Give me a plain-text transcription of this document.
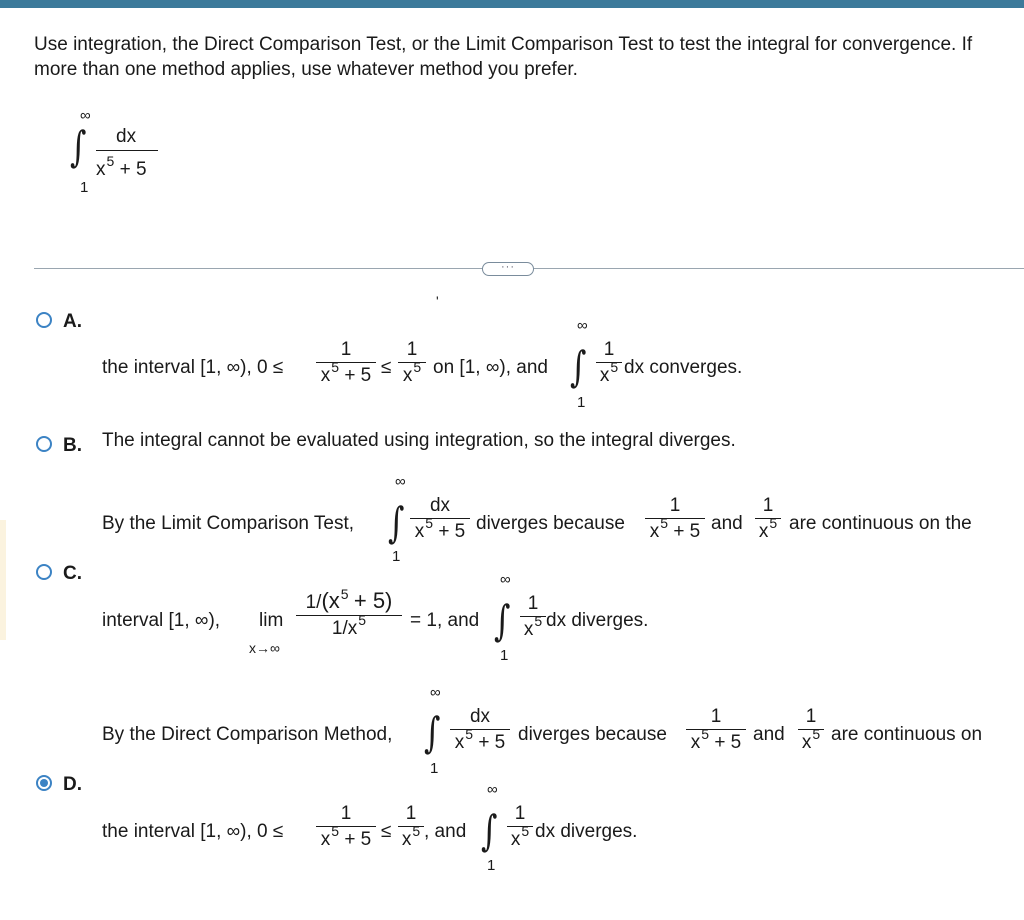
Use integration, the Direct Comparison Test, or the Limit Comparison Test to test the integral for convergence. If more than one method applies, use whatever method you prefer.
∞
∫
1
dx
$x^5 + 5$
···
A.
'
the interval [1, ∞), 0 ≤
1
$x^5 + 5$ ≤
1
$x^5$ on [1, ∞), and
∞
∫
1
1
$x^5$ dx converges.
B. The integral cannot be evaluated using integration, so the integral diverges.
C.
By the Limit Comparison Test,
∞
∫
1
dx
$x^5 + 5$ diverges because
1
$x^5 + 5$ and
1
$x^5$ are continuous on the
interval [1, ∞), lim
x→∞
$1/(x^5 + 5)$
$1/x^5$	= 1, and
∞
∫
1
1
$x^5$ dx diverges.
D.
By the Direct Comparison Method,
∞
∫
1
dx
$x^5 + 5$ diverges because
1
$x^5 + 5$ and
1
$x^5$ are continuous on
the interval [1, ∞), 0 ≤
1
$x^5 + 5$ ≤
1
$x^5$ , and
∞
∫
1
1
$x^5$ dx diverges.
